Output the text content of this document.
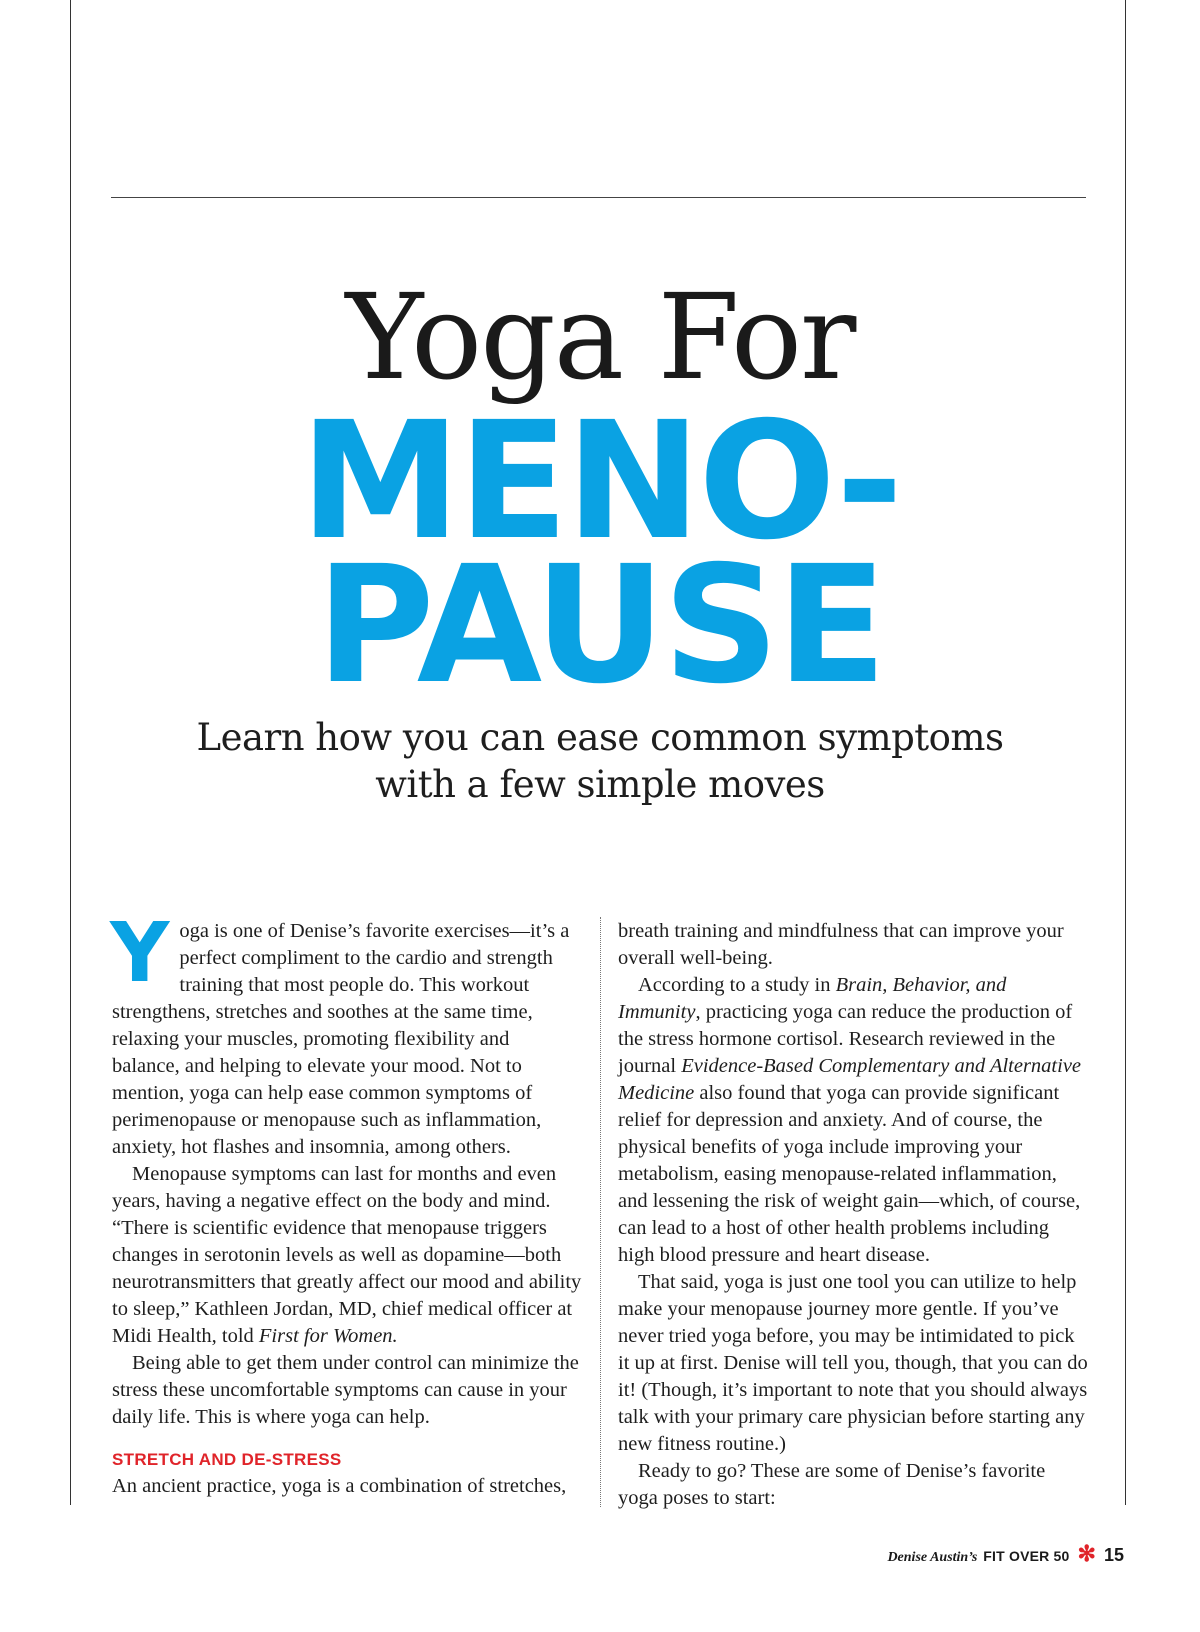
Yoga For
MENO-
PAUSE
Learn how you can ease common symptoms
with a few simple moves

Yoga is one of Denise’s favorite exercises—it’s a perfect compliment to the cardio and strength training that most people do. This workout strengthens, stretches and soothes at the same time, relaxing your muscles, promoting flexibility and balance, and helping to elevate your mood. Not to mention, yoga can help ease common symptoms of perimenopause or menopause such as inflammation, anxiety, hot flashes and insomnia, among others.

Menopause symptoms can last for months and even years, having a negative effect on the body and mind. “There is scientific evidence that menopause triggers changes in serotonin levels as well as dopamine—both neurotransmitters that greatly affect our mood and ability to sleep,” Kathleen Jordan, MD, chief medical officer at Midi Health, told First for Women.

Being able to get them under control can minimize the stress these uncomfortable symptoms can cause in your daily life. This is where yoga can help.

STRETCH AND DE-STRESS

An ancient practice, yoga is a combination of stretches,

breath training and mindfulness that can improve your overall well-being.

According to a study in Brain, Behavior, and Immunity, practicing yoga can reduce the production of the stress hormone cortisol. Research reviewed in the journal Evidence-Based Complementary and Alternative Medicine also found that yoga can provide significant relief for depression and anxiety. And of course, the physical benefits of yoga include improving your metabolism, easing menopause-related inflammation, and lessening the risk of weight gain—which, of course, can lead to a host of other health problems including high blood pressure and heart disease.

That said, yoga is just one tool you can utilize to help make your menopause journey more gentle. If you’ve never tried yoga before, you may be intimidated to pick it up at first. Denise will tell you, though, that you can do it! (Though, it’s important to note that you should always talk with your primary care physician before starting any new fitness routine.)

Ready to go? These are some of Denise’s favorite yoga poses to start:

Denise Austin’s FIT OVER 50 ✻ 15
